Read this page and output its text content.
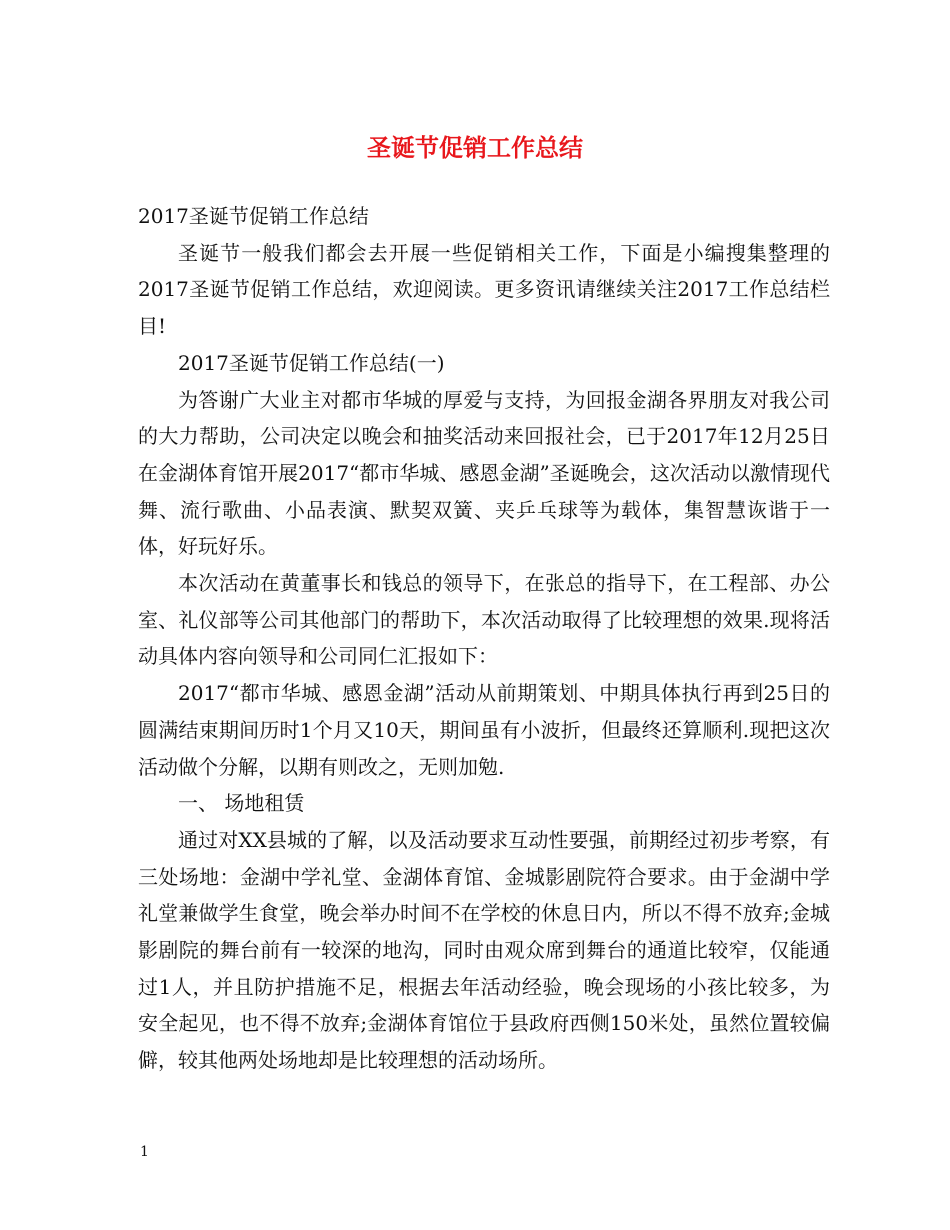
圣诞节促销工作总结

2017圣诞节促销工作总结

圣诞节一般我们都会去开展一些促销相关工作，下面是小编搜集整理的2017圣诞节促销工作总结，欢迎阅读。更多资讯请继续关注2017工作总结栏目!

2017圣诞节促销工作总结(一)

为答谢广大业主对都市华城的厚爱与支持，为回报金湖各界朋友对我公司的大力帮助，公司决定以晚会和抽奖活动来回报社会，已于2017年12月25日在金湖体育馆开展2017“都市华城、感恩金湖”圣诞晚会，这次活动以激情现代舞、流行歌曲、小品表演、默契双簧、夹乒乓球等为载体，集智慧诙谐于一体，好玩好乐。

本次活动在黄董事长和钱总的领导下，在张总的指导下，在工程部、办公室、礼仪部等公司其他部门的帮助下，本次活动取得了比较理想的效果.现将活动具体内容向领导和公司同仁汇报如下：

2017“都市华城、感恩金湖”活动从前期策划、中期具体执行再到25日的圆满结束期间历时1个月又10天，期间虽有小波折，但最终还算顺利.现把这次活动做个分解，以期有则改之，无则加勉.

一、 场地租赁

通过对XX县城的了解，以及活动要求互动性要强，前期经过初步考察，有三处场地：金湖中学礼堂、金湖体育馆、金城影剧院符合要求。由于金湖中学礼堂兼做学生食堂，晚会举办时间不在学校的休息日内，所以不得不放弃;金城影剧院的舞台前有一较深的地沟，同时由观众席到舞台的通道比较窄，仅能通过1人，并且防护措施不足，根据去年活动经验，晚会现场的小孩比较多，为安全起见，也不得不放弃;金湖体育馆位于县政府西侧150米处，虽然位置较偏僻，较其他两处场地却是比较理想的活动场所。

1
